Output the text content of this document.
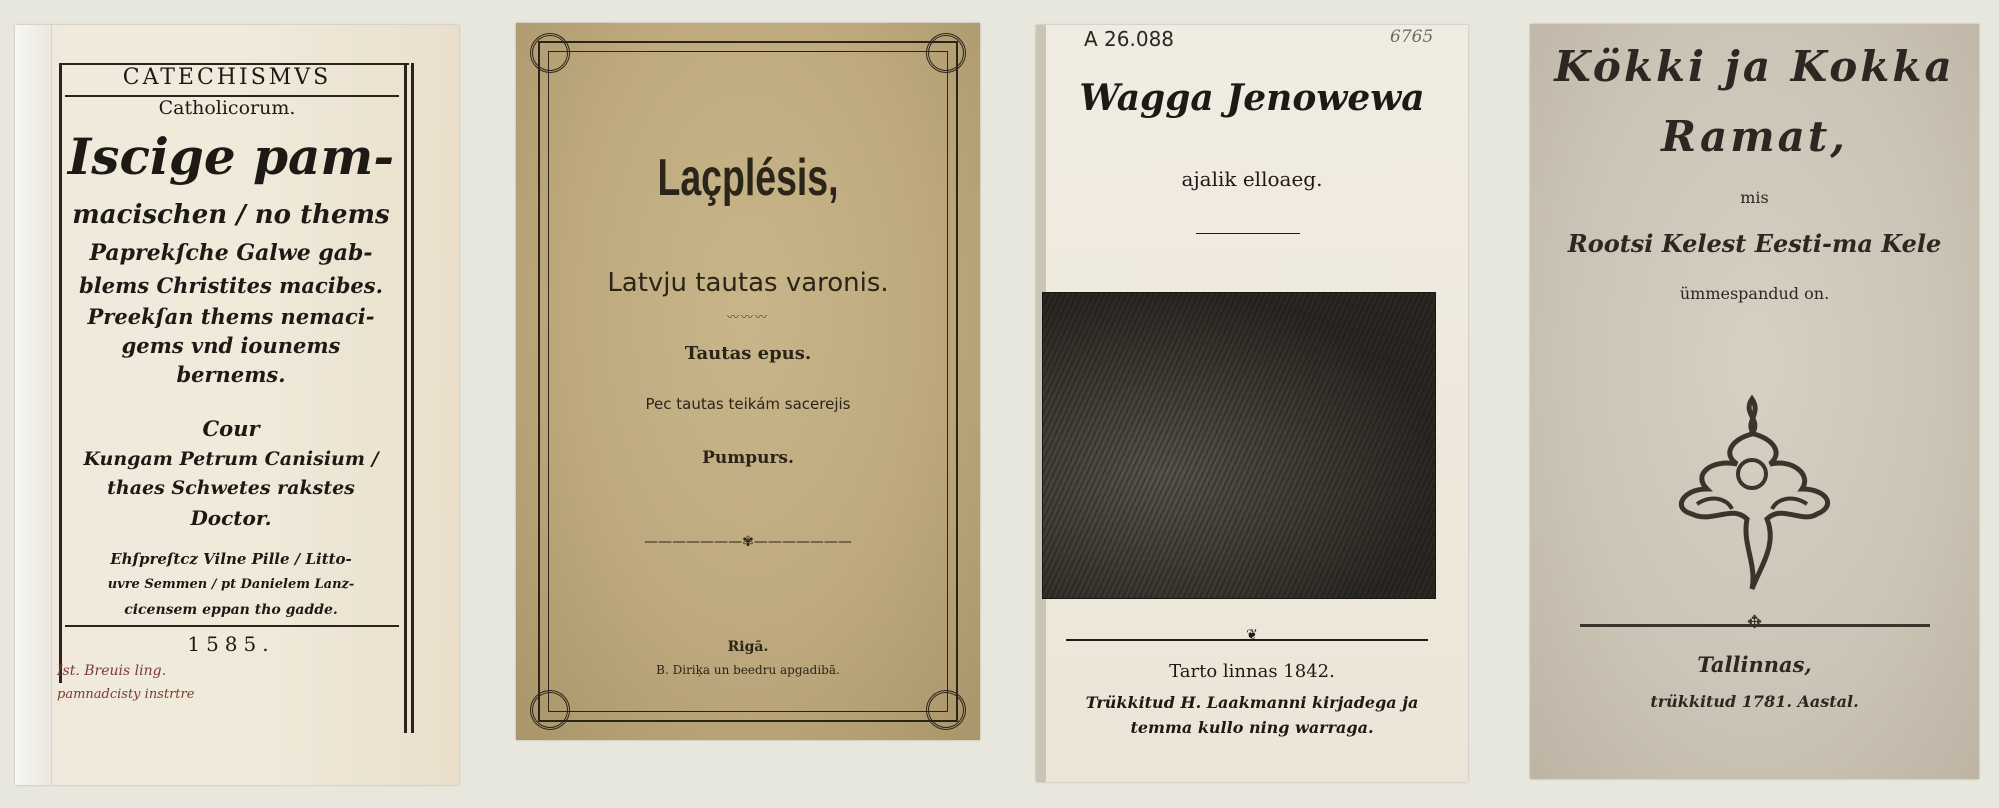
CATECHISMVS
Catholicorum.
Iscige pam-
macischen / no thems
Paprekſche Galwe gab-
blems Christites macibes.
Preekſan thems nemaci-
gems vnd iounems
bernems.
Cour
Kungam Petrum Canisium /
thaes Schwetes rakstes
Doctor.
Ehſpreſtcz Vilne Pille / Litto-
uvre Semmen / pt Danielem Lanz-
cicensem eppan tho gadde.
1585.
Ist. Breuis ling.
pamnadcisty instrtre
Laçplésis,
Latvju tautas varonis.
〰〰〰
Tautas epus.
Pec tautas teikám sacerejis
Pumpurs.
———————✾———————
Rigā.
B. Diriķa un beedru apgadibā.
A 26.088	6765
Wagga Jenowewa
ajalik elloaeg.
❦
Tarto linnas 1842.
Trükkitud H. Laakmanni kirjadega ja
temma kullo ning warraga.
Kökki ja Kokka
Ramat,
mis
Rootsi Kelest Eesti-ma Kele
ümmespandud on.
✥
Tallinnas,
trükkitud 1781. Aastal.
